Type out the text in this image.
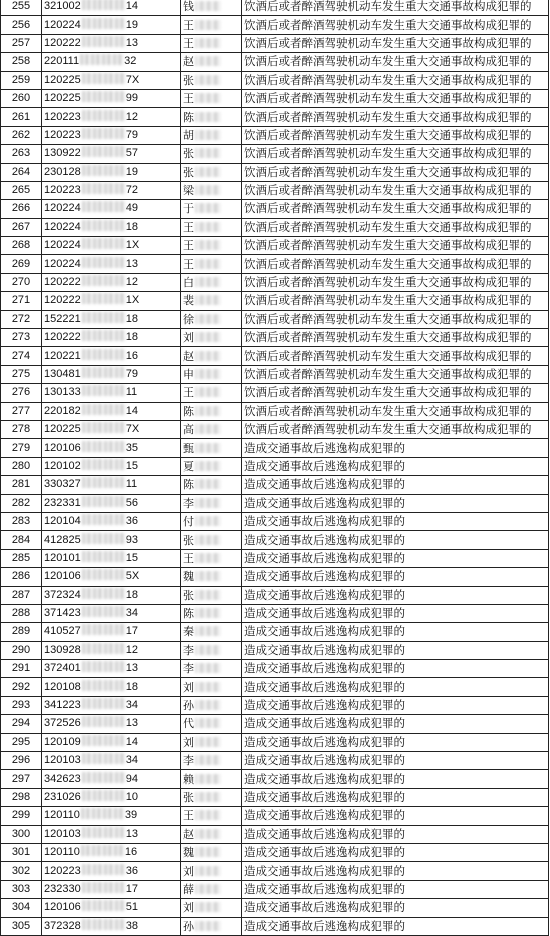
255	321002 14	钱	饮酒后或者醉酒驾驶机动车发生重大交通事故构成犯罪的
256	120224 19	王	饮酒后或者醉酒驾驶机动车发生重大交通事故构成犯罪的
257	120222 13	王	饮酒后或者醉酒驾驶机动车发生重大交通事故构成犯罪的
258	220111 32	赵	饮酒后或者醉酒驾驶机动车发生重大交通事故构成犯罪的
259	120225 7X	张	饮酒后或者醉酒驾驶机动车发生重大交通事故构成犯罪的
260	120225 99	王	饮酒后或者醉酒驾驶机动车发生重大交通事故构成犯罪的
261	120223 12	陈	饮酒后或者醉酒驾驶机动车发生重大交通事故构成犯罪的
262	120223 79	胡	饮酒后或者醉酒驾驶机动车发生重大交通事故构成犯罪的
263	130922 57	张	饮酒后或者醉酒驾驶机动车发生重大交通事故构成犯罪的
264	230128 19	张	饮酒后或者醉酒驾驶机动车发生重大交通事故构成犯罪的
265	120223 72	梁	饮酒后或者醉酒驾驶机动车发生重大交通事故构成犯罪的
266	120224 49	于	饮酒后或者醉酒驾驶机动车发生重大交通事故构成犯罪的
267	120224 18	王	饮酒后或者醉酒驾驶机动车发生重大交通事故构成犯罪的
268	120224 1X	王	饮酒后或者醉酒驾驶机动车发生重大交通事故构成犯罪的
269	120224 13	王	饮酒后或者醉酒驾驶机动车发生重大交通事故构成犯罪的
270	120222 12	白	饮酒后或者醉酒驾驶机动车发生重大交通事故构成犯罪的
271	120222 1X	裴	饮酒后或者醉酒驾驶机动车发生重大交通事故构成犯罪的
272	152221 18	徐	饮酒后或者醉酒驾驶机动车发生重大交通事故构成犯罪的
273	120222 18	刘	饮酒后或者醉酒驾驶机动车发生重大交通事故构成犯罪的
274	120221 16	赵	饮酒后或者醉酒驾驶机动车发生重大交通事故构成犯罪的
275	130481 79	申	饮酒后或者醉酒驾驶机动车发生重大交通事故构成犯罪的
276	130133 11	王	饮酒后或者醉酒驾驶机动车发生重大交通事故构成犯罪的
277	220182 14	陈	饮酒后或者醉酒驾驶机动车发生重大交通事故构成犯罪的
278	120225 7X	高	饮酒后或者醉酒驾驶机动车发生重大交通事故构成犯罪的
279	120106 35	甄	造成交通事故后逃逸构成犯罪的
280	120102 15	夏	造成交通事故后逃逸构成犯罪的
281	330327 11	陈	造成交通事故后逃逸构成犯罪的
282	232331 56	李	造成交通事故后逃逸构成犯罪的
283	120104 36	付	造成交通事故后逃逸构成犯罪的
284	412825 93	张	造成交通事故后逃逸构成犯罪的
285	120101 15	王	造成交通事故后逃逸构成犯罪的
286	120106 5X	魏	造成交通事故后逃逸构成犯罪的
287	372324 18	张	造成交通事故后逃逸构成犯罪的
288	371423 34	陈	造成交通事故后逃逸构成犯罪的
289	410527 17	秦	造成交通事故后逃逸构成犯罪的
290	130928 12	李	造成交通事故后逃逸构成犯罪的
291	372401 13	李	造成交通事故后逃逸构成犯罪的
292	120108 18	刘	造成交通事故后逃逸构成犯罪的
293	341223 34	孙	造成交通事故后逃逸构成犯罪的
294	372526 13	代	造成交通事故后逃逸构成犯罪的
295	120109 14	刘	造成交通事故后逃逸构成犯罪的
296	120103 34	李	造成交通事故后逃逸构成犯罪的
297	342623 94	赖	造成交通事故后逃逸构成犯罪的
298	231026 10	张	造成交通事故后逃逸构成犯罪的
299	120110 39	王	造成交通事故后逃逸构成犯罪的
300	120103 13	赵	造成交通事故后逃逸构成犯罪的
301	120110 16	魏	造成交通事故后逃逸构成犯罪的
302	120223 36	刘	造成交通事故后逃逸构成犯罪的
303	232330 17	薛	造成交通事故后逃逸构成犯罪的
304	120106 51	刘	造成交通事故后逃逸构成犯罪的
305	372328 38	孙	造成交通事故后逃逸构成犯罪的
